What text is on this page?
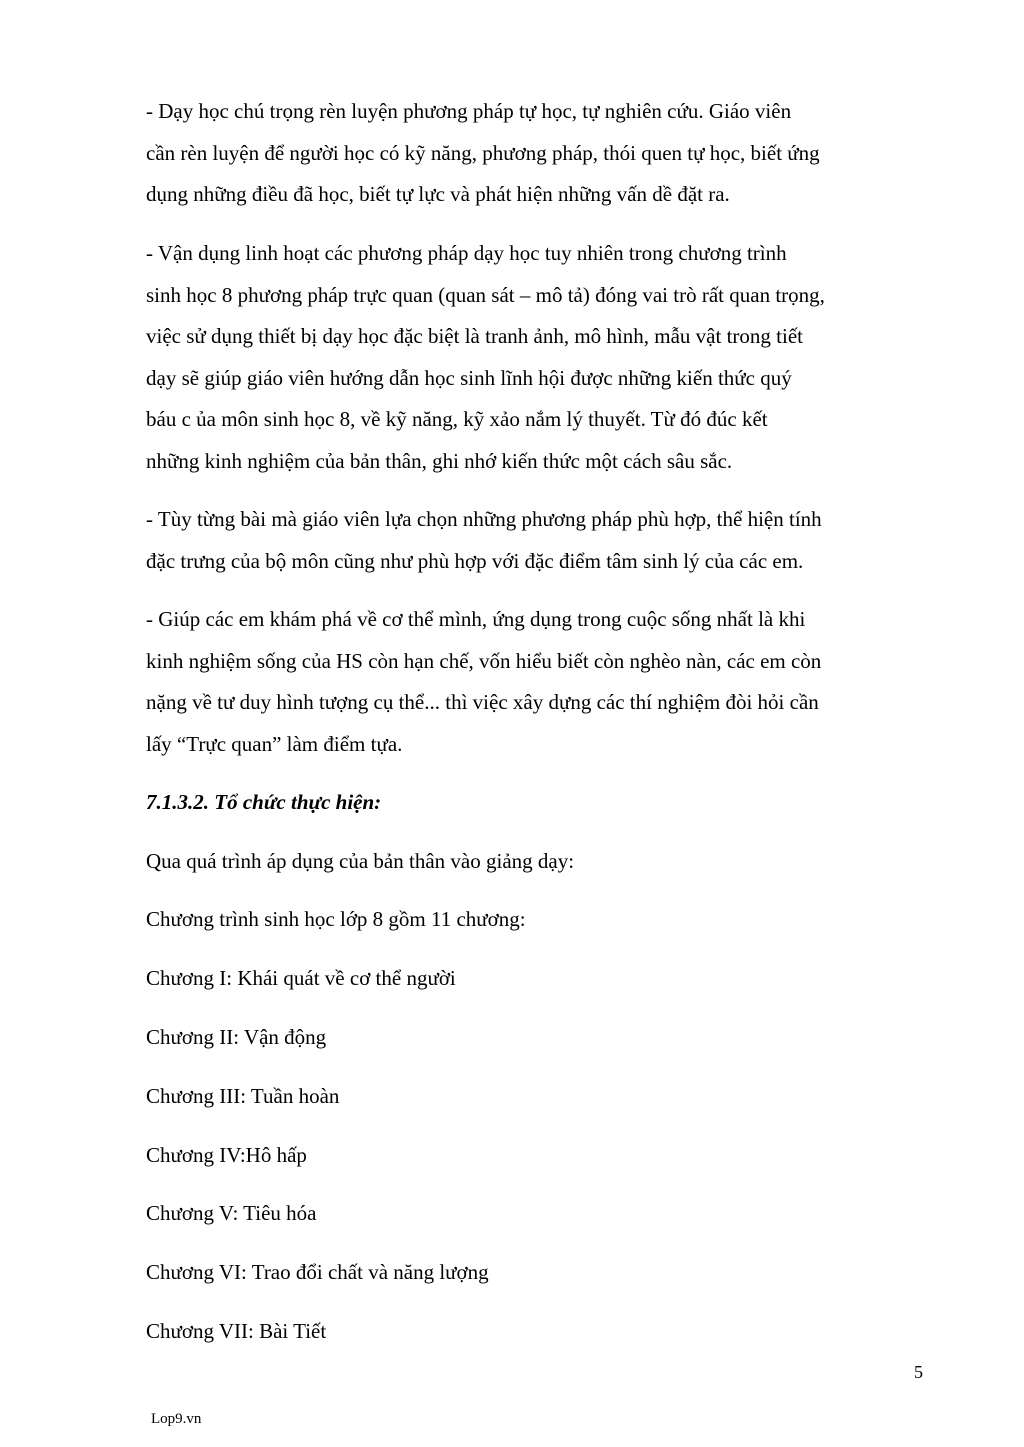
- Dạy học chú trọng rèn luyện phương pháp tự học, tự nghiên cứu. Giáo viên
cần rèn luyện để người học có kỹ năng, phương pháp, thói quen tự học, biết ứng
dụng những điều đã học, biết tự lực và phát hiện những vấn dề đặt ra.

- Vận dụng linh hoạt các phương pháp dạy học tuy nhiên trong chương trình
sinh học 8 phương pháp trực quan (quan sát – mô tả) đóng vai trò rất quan trọng,
việc sử dụng thiết bị dạy học đặc biệt là tranh ảnh, mô hình, mẫu vật trong tiết
dạy sẽ giúp giáo viên hướng dẫn học sinh lĩnh hội được những kiến thức quý
báu c ủa môn sinh học 8, về kỹ năng, kỹ xảo nắm lý thuyết. Từ đó đúc kết
những kinh nghiệm của bản thân, ghi nhớ kiến thức một cách sâu sắc.

- Tùy từng bài mà giáo viên lựa chọn những phương pháp phù hợp, thể hiện tính
đặc trưng của bộ môn cũng như phù hợp với đặc điểm tâm sinh lý của các em.

- Giúp các em khám phá về cơ thể mình, ứng dụng trong cuộc sống nhất là khi
kinh nghiệm sống của HS còn hạn chế, vốn hiểu biết còn nghèo nàn, các em còn
nặng về tư duy hình tượng cụ thể... thì việc xây dựng các thí nghiệm đòi hỏi cần
lấy “Trực quan” làm điểm tựa.

7.1.3.2. Tổ chức thực hiện:

Qua quá trình áp dụng của bản thân vào giảng dạy:

Chương trình sinh học lớp 8 gồm 11 chương:

Chương I: Khái quát về cơ thể người

Chương II: Vận động

Chương III: Tuần hoàn

Chương IV:Hô hấp

Chương V: Tiêu hóa

Chương VI: Trao đổi chất và năng lượng

Chương VII: Bài Tiết

5
Lop9.vn
